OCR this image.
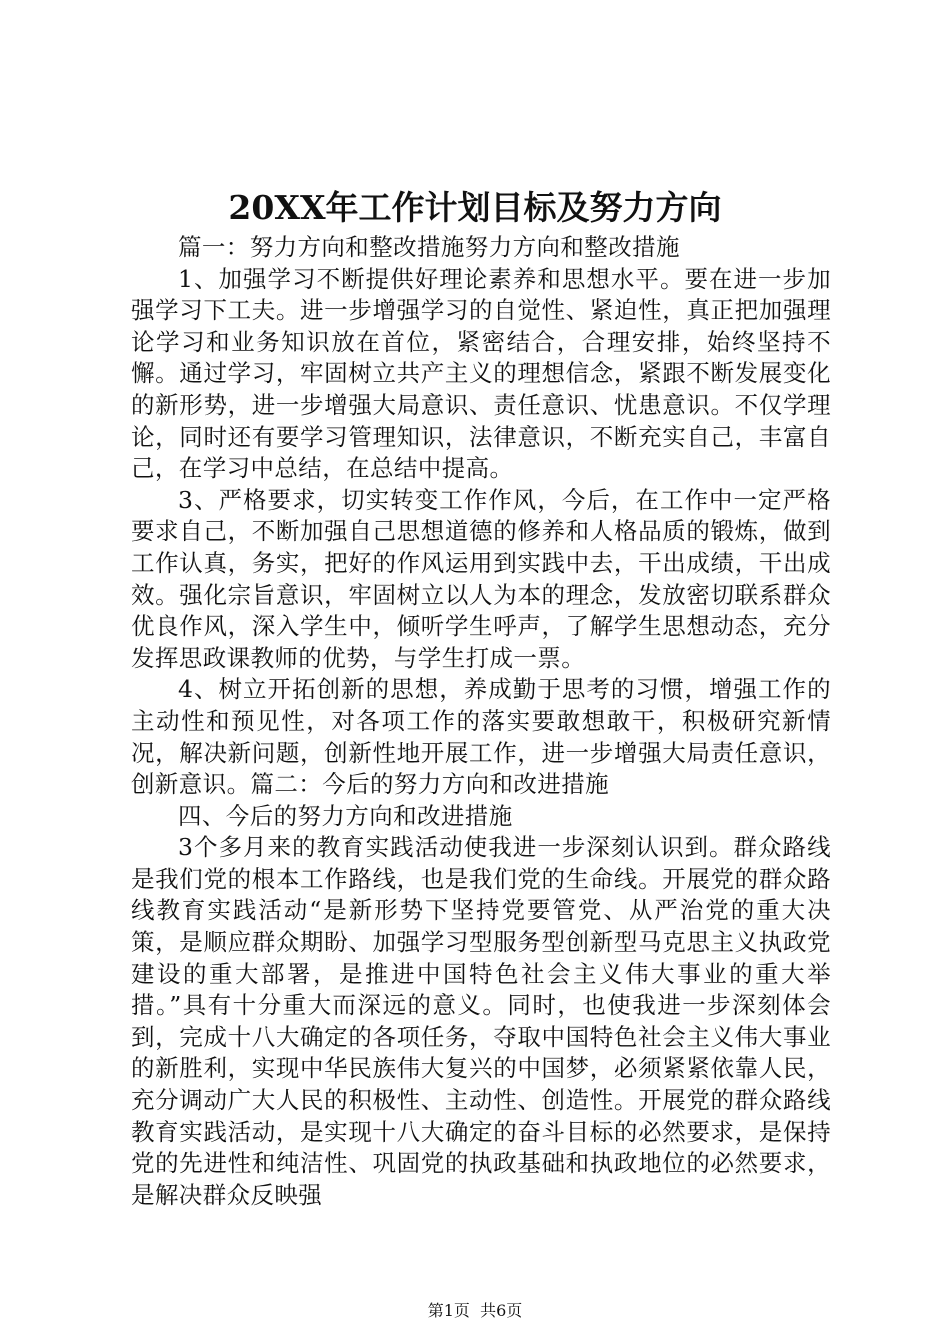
20XX年工作计划目标及努力方向

篇一：努力方向和整改措施努力方向和整改措施

1、加强学习不断提供好理论素养和思想水平。要在进一步加强学习下工夫。进一步增强学习的自觉性、紧迫性，真正把加强理论学习和业务知识放在首位，紧密结合，合理安排，始终坚持不懈。通过学习，牢固树立共产主义的理想信念，紧跟不断发展变化的新形势，进一步增强大局意识、责任意识、忧患意识。不仅学理论，同时还有要学习管理知识，法律意识，不断充实自己，丰富自己，在学习中总结，在总结中提高。

3、严格要求，切实转变工作作风，今后，在工作中一定严格要求自己，不断加强自己思想道德的修养和人格品质的锻炼，做到工作认真，务实，把好的作风运用到实践中去，干出成绩，干出成效。强化宗旨意识，牢固树立以人为本的理念，发放密切联系群众优良作风，深入学生中，倾听学生呼声，了解学生思想动态，充分发挥思政课教师的优势，与学生打成一票。

4、树立开拓创新的思想，养成勤于思考的习惯，增强工作的主动性和预见性，对各项工作的落实要敢想敢干，积极研究新情况，解决新问题，创新性地开展工作，进一步增强大局责任意识，创新意识。篇二：今后的努力方向和改进措施

四、今后的努力方向和改进措施

3个多月来的教育实践活动使我进一步深刻认识到。群众路线是我们党的根本工作路线，也是我们党的生命线。开展党的群众路线教育实践活动“是新形势下坚持党要管党、从严治党的重大决策，是顺应群众期盼、加强学习型服务型创新型马克思主义执政党建设的重大部署，是推进中国特色社会主义伟大事业的重大举措。”具有十分重大而深远的意义。同时，也使我进一步深刻体会到，完成十八大确定的各项任务，夺取中国特色社会主义伟大事业的新胜利，实现中华民族伟大复兴的中国梦，必须紧紧依靠人民，充分调动广大人民的积极性、主动性、创造性。开展党的群众路线教育实践活动，是实现十八大确定的奋斗目标的必然要求，是保持党的先进性和纯洁性、巩固党的执政基础和执政地位的必然要求，是解决群众反映强

第1页  共6页
